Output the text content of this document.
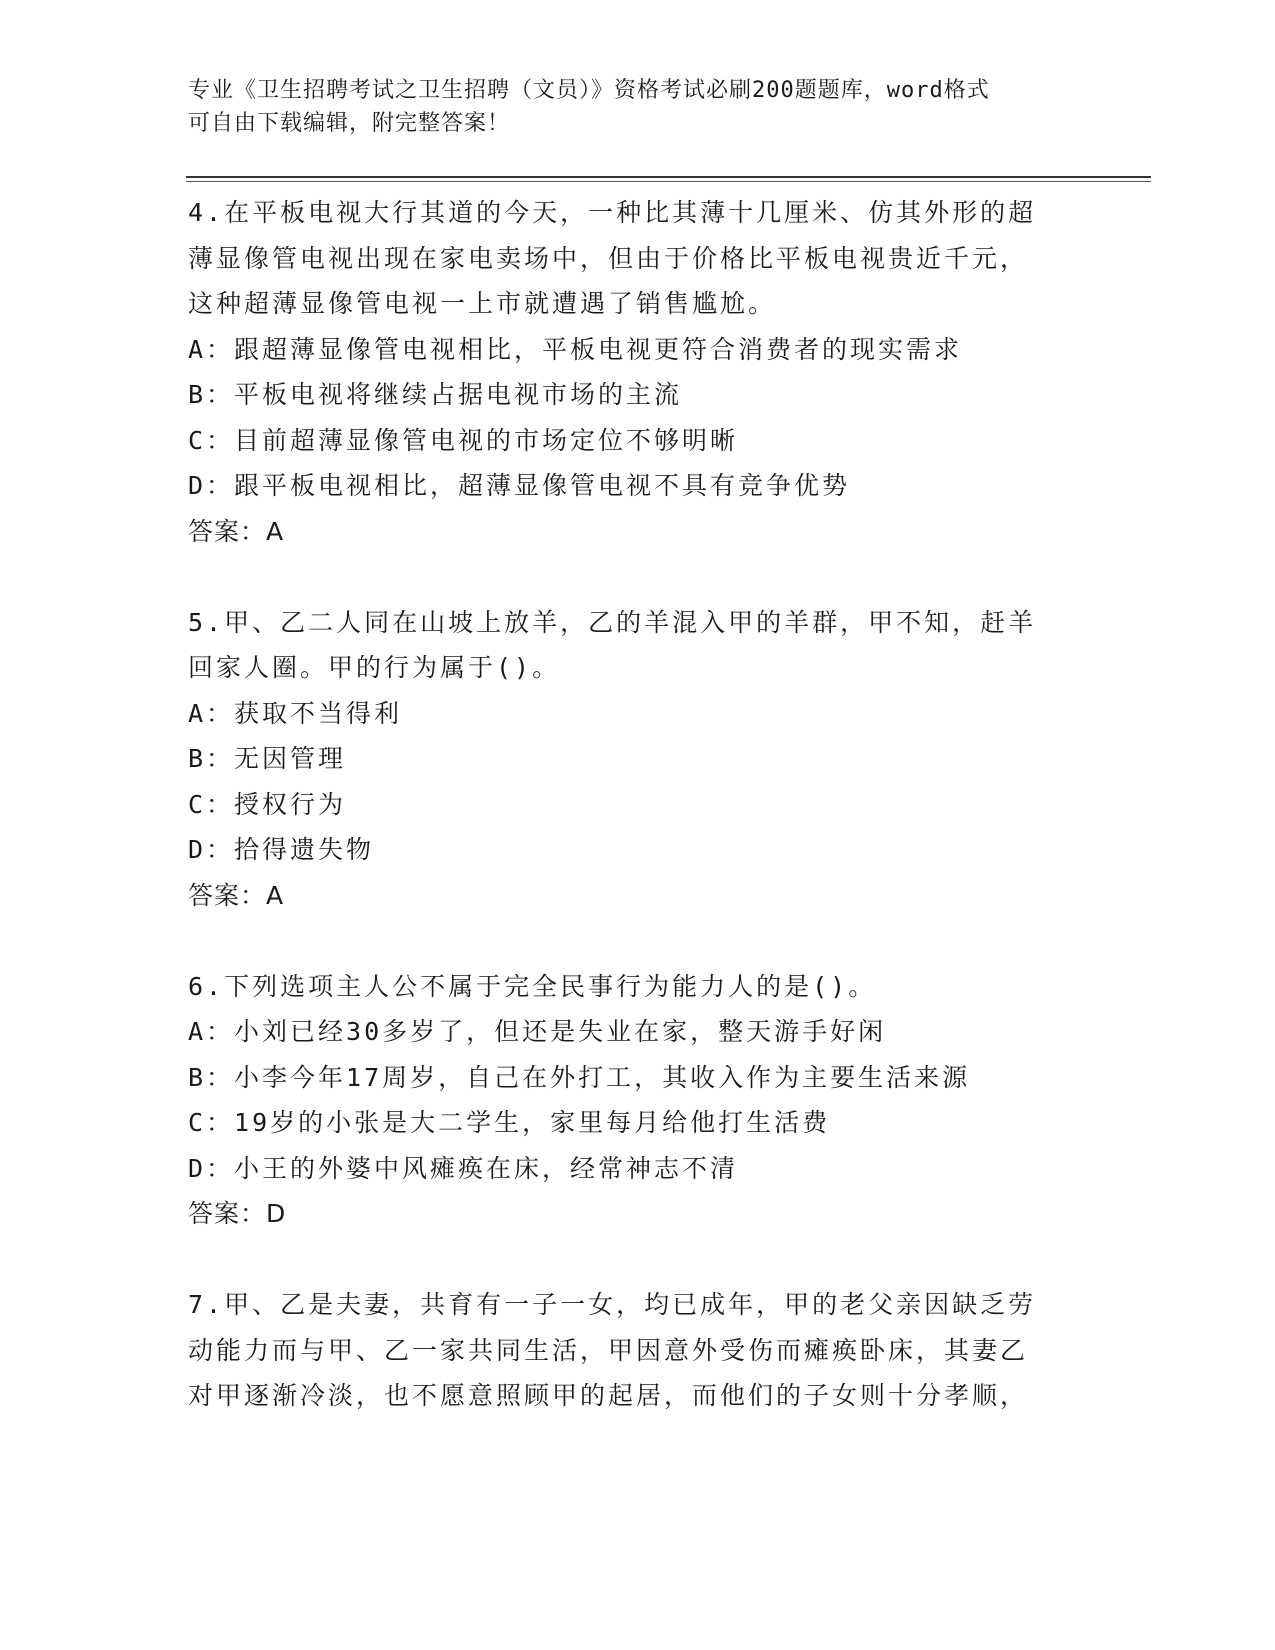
专业《卫生招聘考试之卫生招聘（文员）》资格考试必刷200题题库，word格式
可自由下载编辑，附完整答案！

4.在平板电视大行其道的今天，一种比其薄十几厘米、仿其外形的超

薄显像管电视出现在家电卖场中，但由于价格比平板电视贵近千元，

这种超薄显像管电视一上市就遭遇了销售尴尬。

A：跟超薄显像管电视相比，平板电视更符合消费者的现实需求

B：平板电视将继续占据电视市场的主流

C：目前超薄显像管电视的市场定位不够明晰

D：跟平板电视相比，超薄显像管电视不具有竞争优势

答案：A

5.甲、乙二人同在山坡上放羊，乙的羊混入甲的羊群，甲不知，赶羊

回家人圈。甲的行为属于()。

A：获取不当得利

B：无因管理

C：授权行为

D：拾得遗失物

答案：A

6.下列选项主人公不属于完全民事行为能力人的是()。

A：小刘已经30多岁了，但还是失业在家，整天游手好闲

B：小李今年17周岁，自己在外打工，其收入作为主要生活来源

C：19岁的小张是大二学生，家里每月给他打生活费

D：小王的外婆中风瘫痪在床，经常神志不清

答案：D

7.甲、乙是夫妻，共育有一子一女，均已成年，甲的老父亲因缺乏劳

动能力而与甲、乙一家共同生活，甲因意外受伤而瘫痪卧床，其妻乙

对甲逐渐冷淡，也不愿意照顾甲的起居，而他们的子女则十分孝顺，
